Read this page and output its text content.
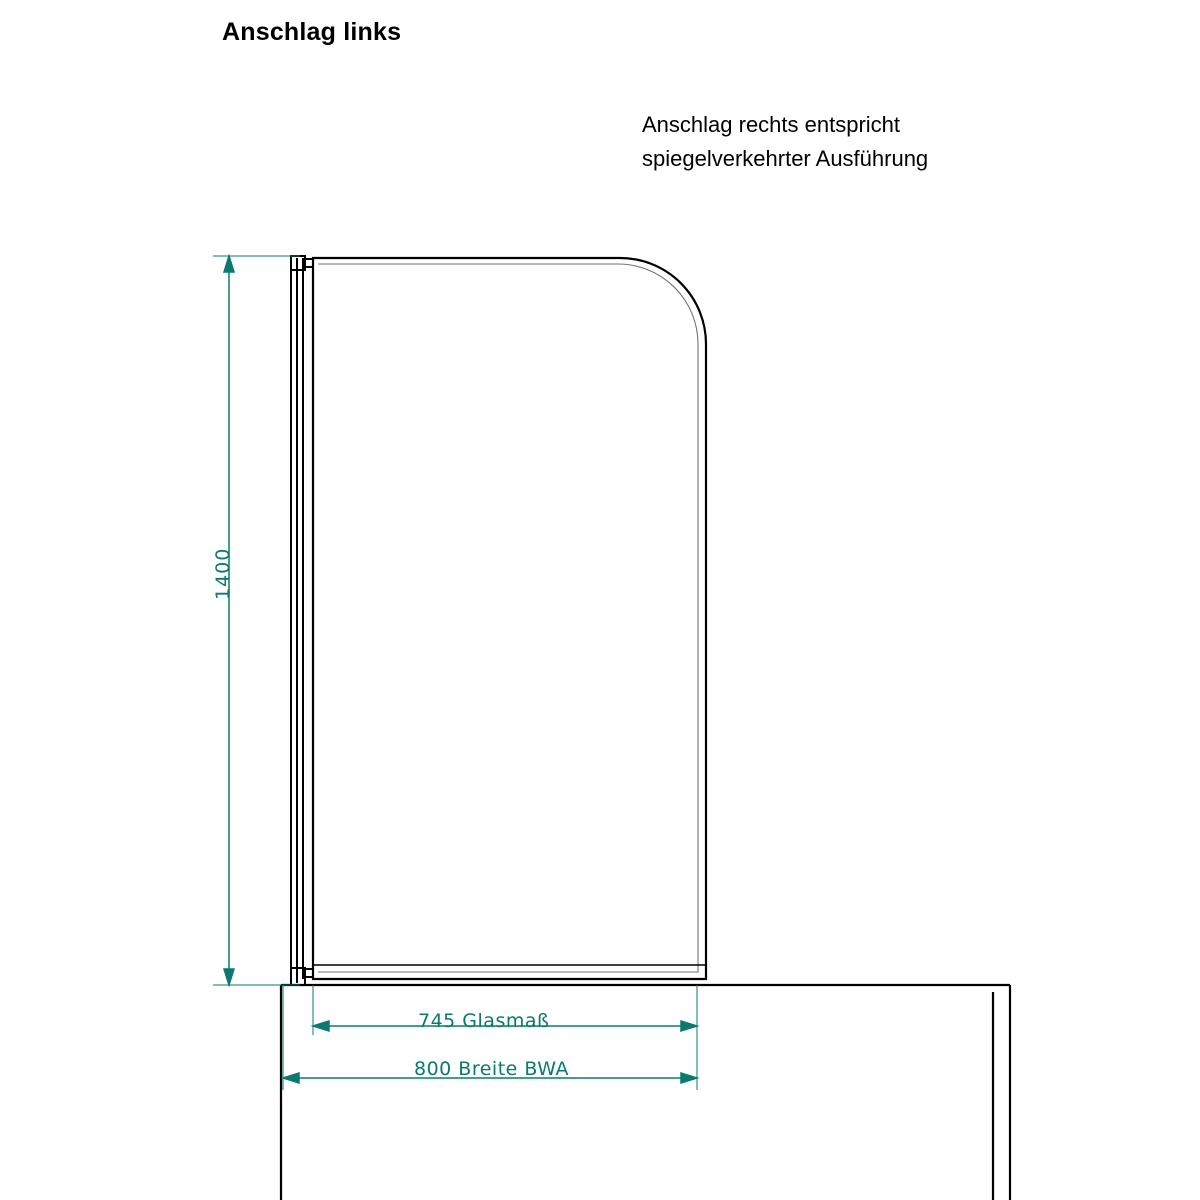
Anschlag links
Anschlag rechts entspricht
spiegelverkehrter Ausführung
1400
745 Glasmaß
800 Breite BWA
